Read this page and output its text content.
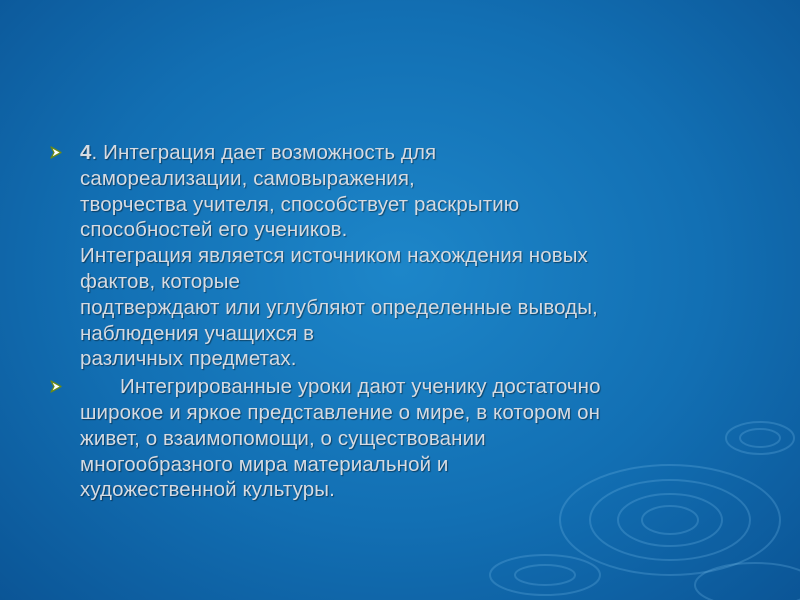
4. Интеграция дает возможность для
самореализации, самовыражения,
творчества учителя, способствует раскрытию
способностей его учеников.
Интеграция является источником нахождения новых
фактов, которые
подтверждают или углубляют определенные выводы,
наблюдения учащихся в
различных предметах.
Интегрированные уроки дают ученику достаточно
широкое и яркое представление о мире, в котором он
живет, о взаимопомощи, о существовании
многообразного мира материальной и
художественной культуры.
